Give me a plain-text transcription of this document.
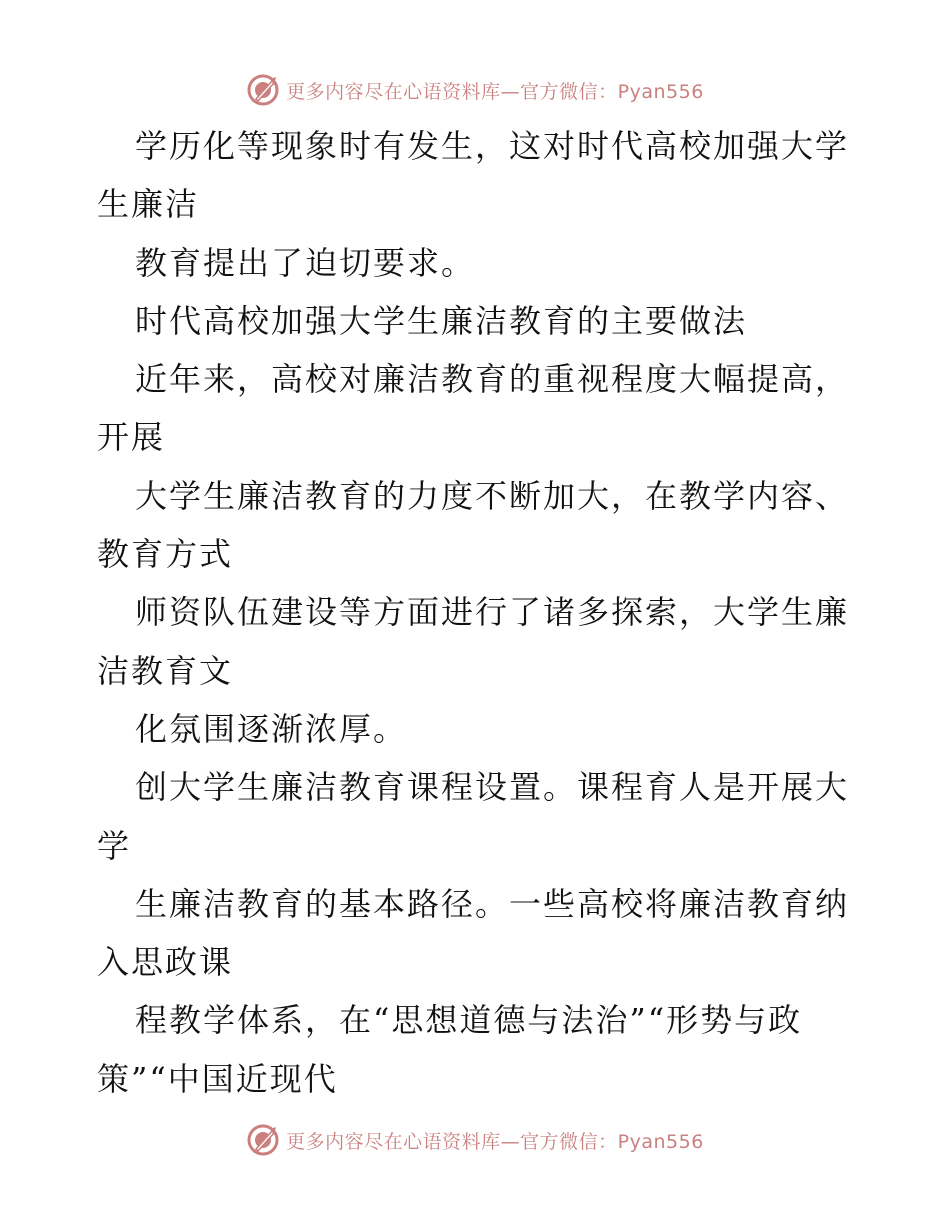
更多内容尽在心语资料库—官方微信：Pyan556
学历化等现象时有发生，这对时代高校加强大学
生廉洁
教育提出了迫切要求。
时代高校加强大学生廉洁教育的主要做法
近年来，高校对廉洁教育的重视程度大幅提高，
开展
大学生廉洁教育的力度不断加大，在教学内容、
教育方式
师资队伍建设等方面进行了诸多探索，大学生廉
洁教育文
化氛围逐渐浓厚。
创大学生廉洁教育课程设置。课程育人是开展大
学
生廉洁教育的基本路径。一些高校将廉洁教育纳
入思政课
程教学体系，在“思想道德与法治”“形势与政
策”“中国近现代
更多内容尽在心语资料库—官方微信：Pyan556
